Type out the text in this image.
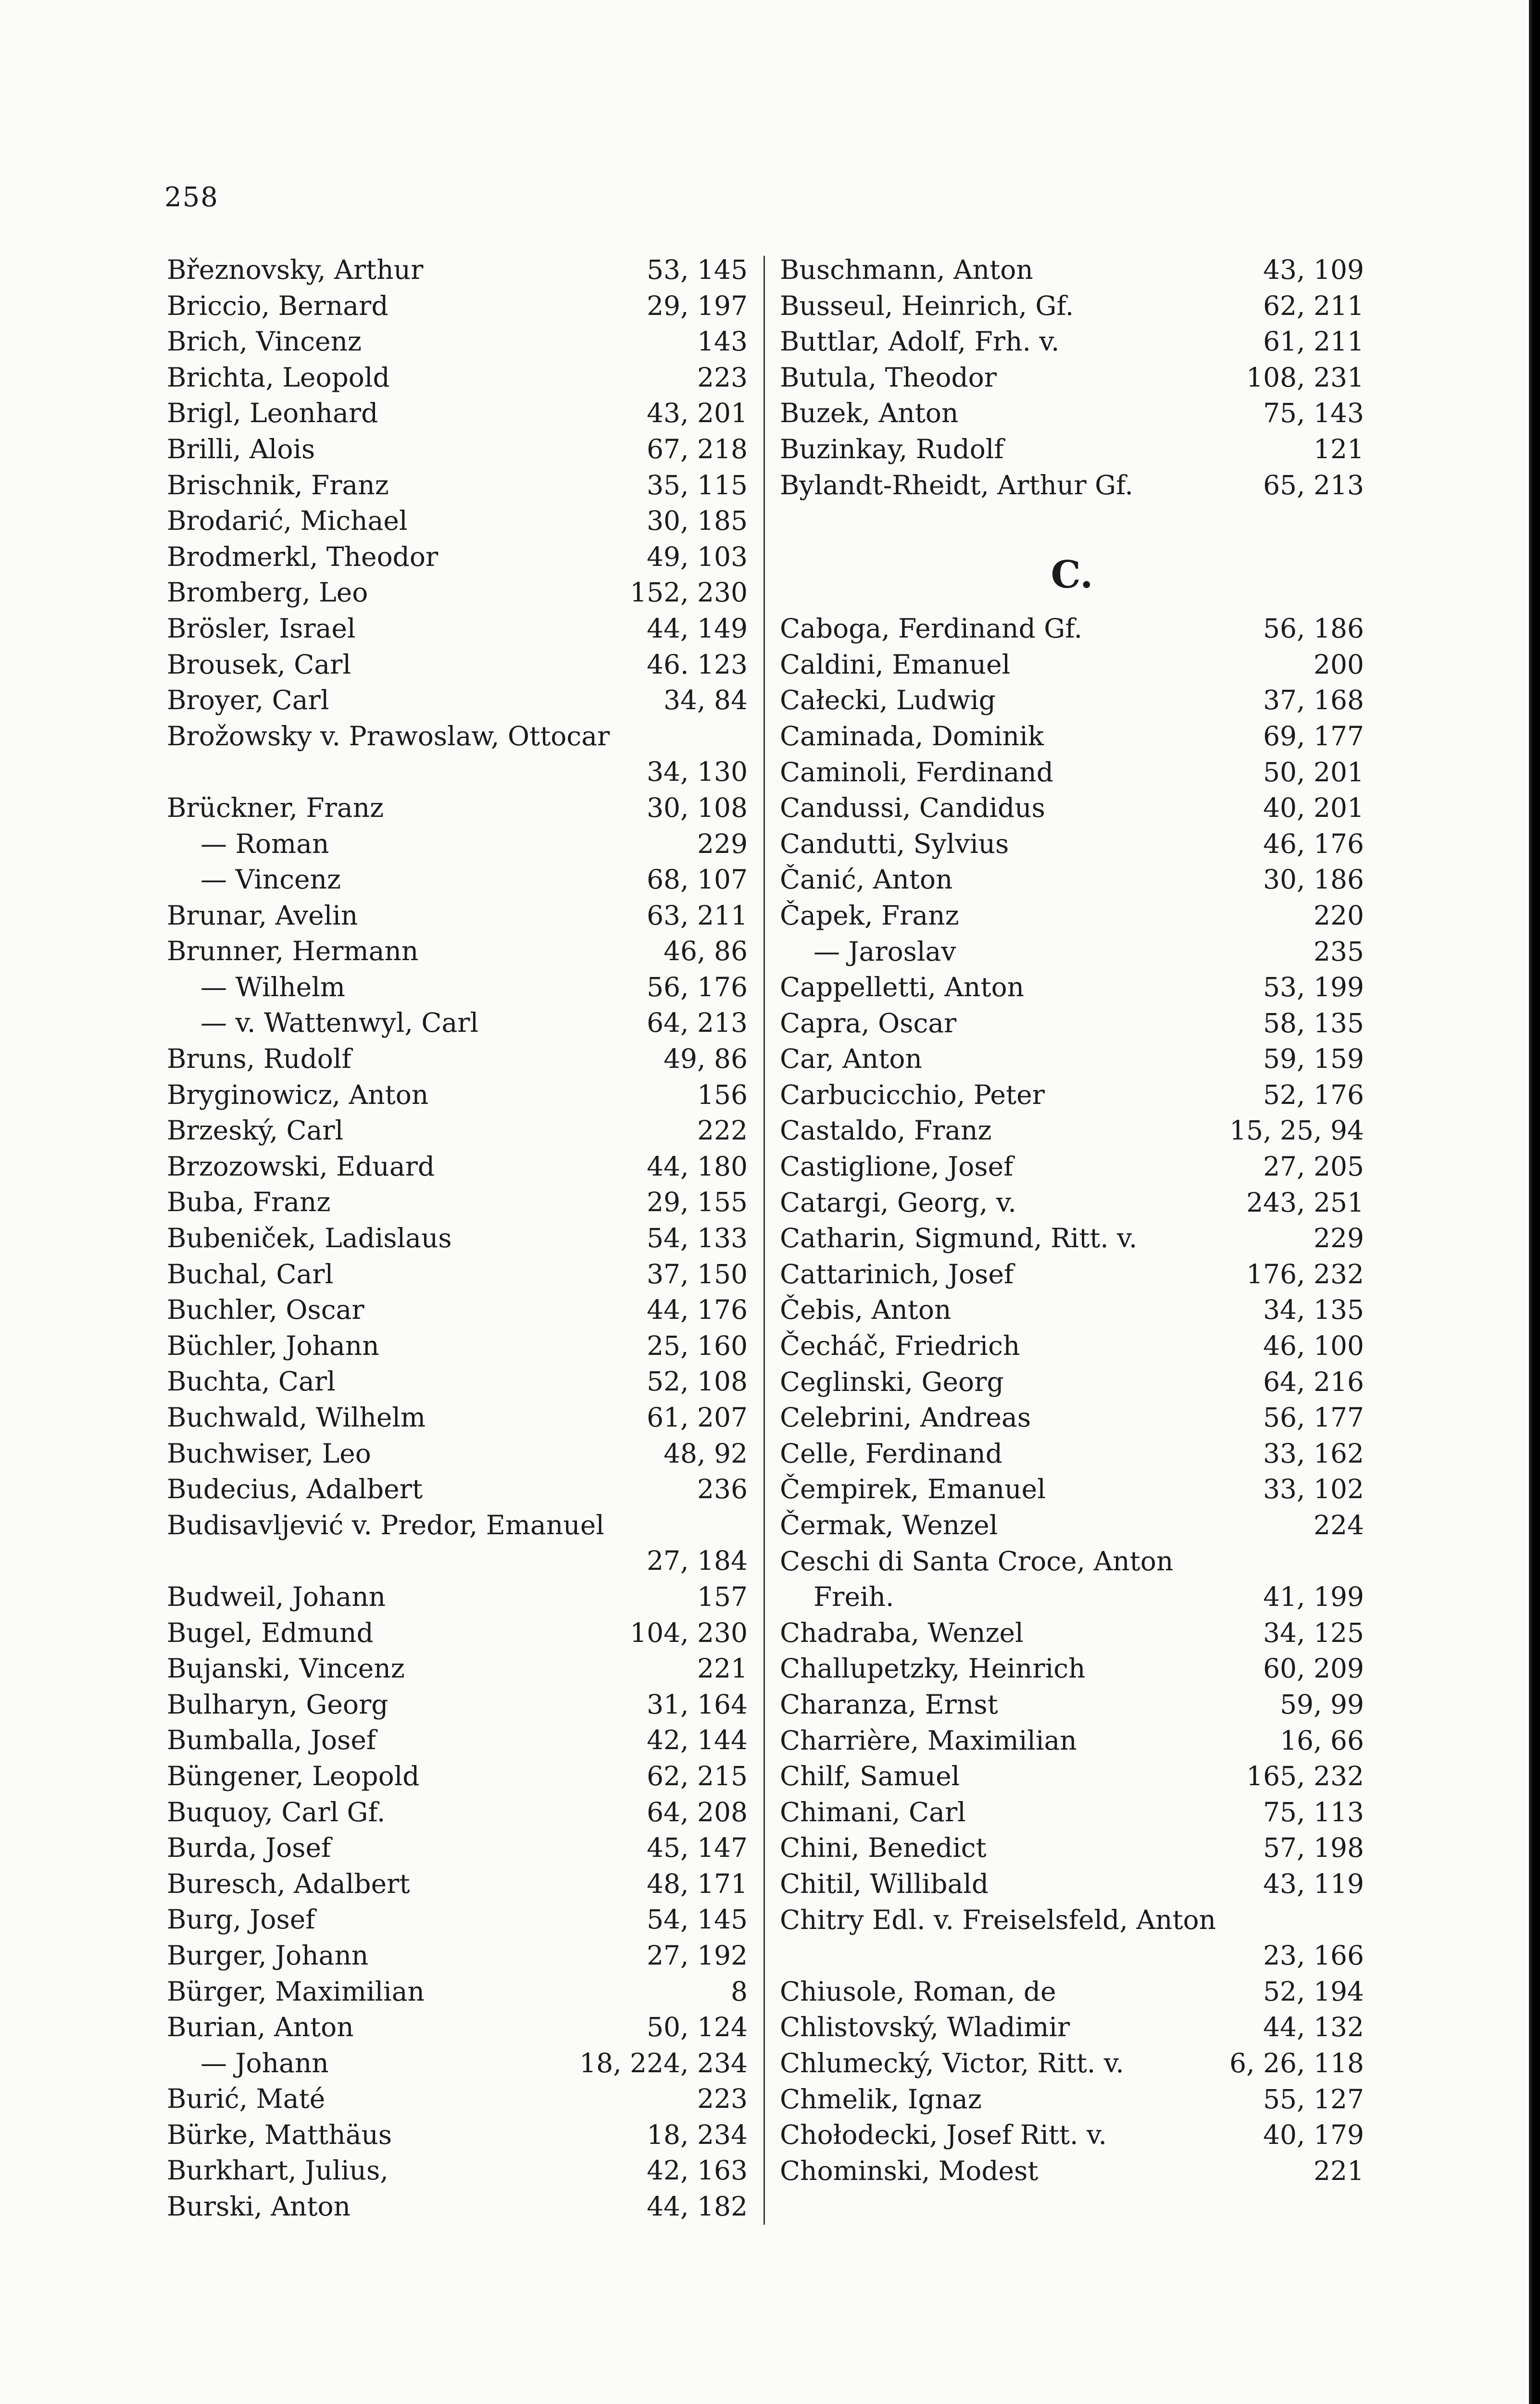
258
Březnovsky, Arthur	53, 145
Briccio, Bernard	29, 197
Brich, Vincenz	143
Brichta, Leopold	223
Brigl, Leonhard	43, 201
Brilli, Alois	67, 218
Brischnik, Franz	35, 115
Brodarić, Michael	30, 185
Brodmerkl, Theodor	49, 103
Bromberg, Leo	152, 230
Brösler, Israel	44, 149
Brousek, Carl	46. 123
Broyer, Carl	34, 84
Brožowsky v. Prawoslaw, Ottocar
34, 130
Brückner, Franz	30, 108
— Roman	229
— Vincenz	68, 107
Brunar, Avelin	63, 211
Brunner, Hermann	46, 86
— Wilhelm	56, 176
— v. Wattenwyl, Carl	64, 213
Bruns, Rudolf	49, 86
Bryginowicz, Anton	156
Brzeský, Carl	222
Brzozowski, Eduard	44, 180
Buba, Franz	29, 155
Bubeniček, Ladislaus	54, 133
Buchal, Carl	37, 150
Buchler, Oscar	44, 176
Büchler, Johann	25, 160
Buchta, Carl	52, 108
Buchwald, Wilhelm	61, 207
Buchwiser, Leo	48, 92
Budecius, Adalbert	236
Budisavljević v. Predor, Emanuel
27, 184
Budweil, Johann	157
Bugel, Edmund	104, 230
Bujanski, Vincenz	221
Bulharyn, Georg	31, 164
Bumballa, Josef	42, 144
Büngener, Leopold	62, 215
Buquoy, Carl Gf.	64, 208
Burda, Josef	45, 147
Buresch, Adalbert	48, 171
Burg, Josef	54, 145
Burger, Johann	27, 192
Bürger, Maximilian	8
Burian, Anton	50, 124
— Johann	18, 224, 234
Burić, Maté	223
Bürke, Matthäus	18, 234
Burkhart, Julius,	42, 163
Burski, Anton	44, 182
Buschmann, Anton	43, 109
Busseul, Heinrich, Gf.	62, 211
Buttlar, Adolf, Frh. v.	61, 211
Butula, Theodor	108, 231
Buzek, Anton	75, 143
Buzinkay, Rudolf	121
Bylandt-Rheidt, Arthur Gf.	65, 213
C.
Caboga, Ferdinand Gf.	56, 186
Caldini, Emanuel	200
Całecki, Ludwig	37, 168
Caminada, Dominik	69, 177
Caminoli, Ferdinand	50, 201
Candussi, Candidus	40, 201
Candutti, Sylvius	46, 176
Čanić, Anton	30, 186
Čapek, Franz	220
— Jaroslav	235
Cappelletti, Anton	53, 199
Capra, Oscar	58, 135
Car, Anton	59, 159
Carbucicchio, Peter	52, 176
Castaldo, Franz	15, 25, 94
Castiglione, Josef	27, 205
Catargi, Georg, v.	243, 251
Catharin, Sigmund, Ritt. v.	229
Cattarinich, Josef	176, 232
Čebis, Anton	34, 135
Čecháč, Friedrich	46, 100
Ceglinski, Georg	64, 216
Celebrini, Andreas	56, 177
Celle, Ferdinand	33, 162
Čempirek, Emanuel	33, 102
Čermak, Wenzel	224
Ceschi di Santa Croce, Anton
Freih.	41, 199
Chadraba, Wenzel	34, 125
Challupetzky, Heinrich	60, 209
Charanza, Ernst	59, 99
Charrière, Maximilian	16, 66
Chilf, Samuel	165, 232
Chimani, Carl	75, 113
Chini, Benedict	57, 198
Chitil, Willibald	43, 119
Chitry Edl. v. Freiselsfeld, Anton
23, 166
Chiusole, Roman, de	52, 194
Chlistovský, Wladimir	44, 132
Chlumecký, Victor, Ritt. v.	6, 26, 118
Chmelik, Ignaz	55, 127
Chołodecki, Josef Ritt. v.	40, 179
Chominski, Modest	221
